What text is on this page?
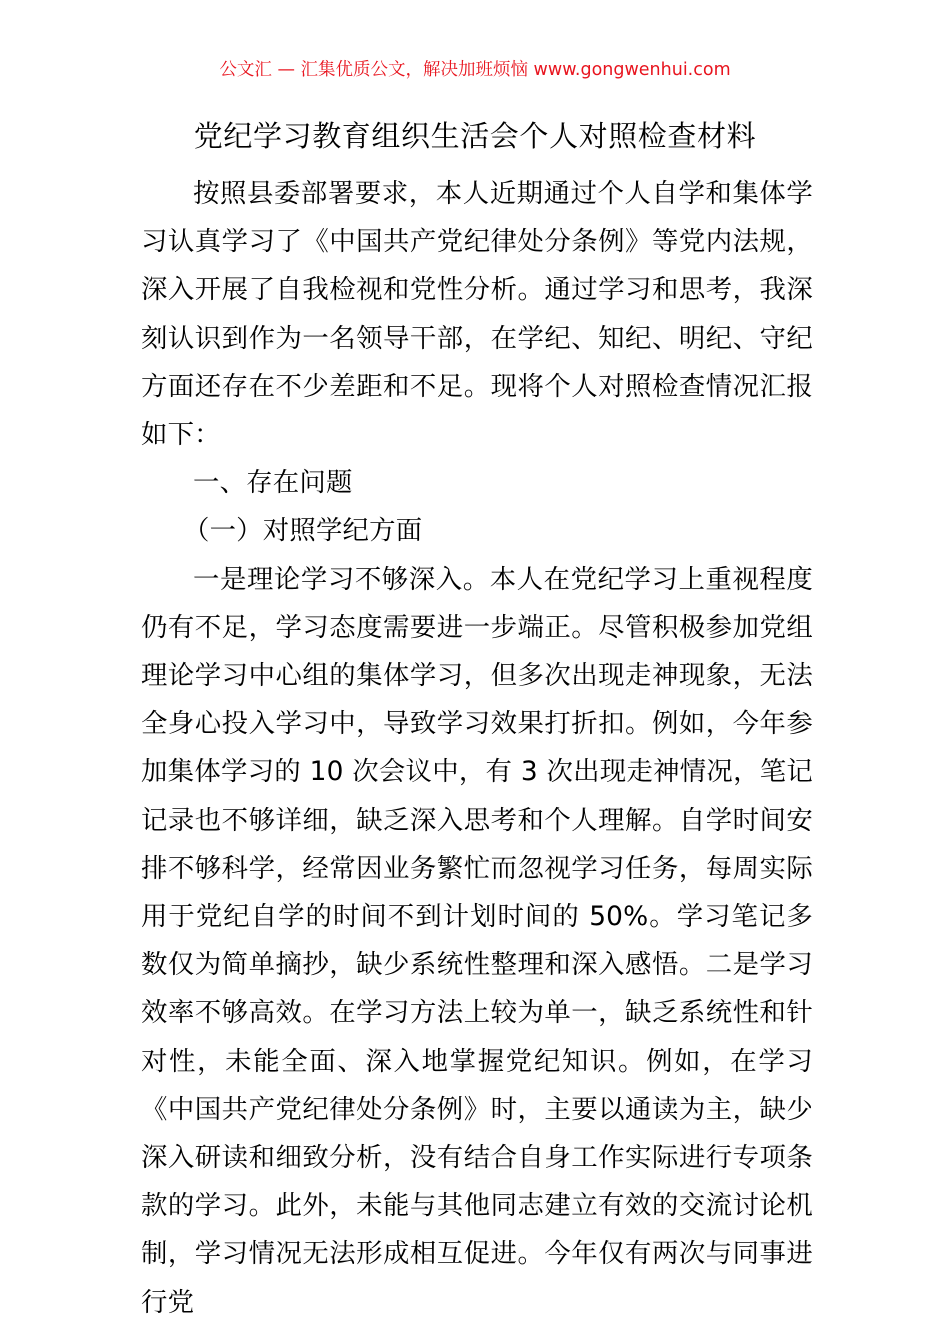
公文汇 — 汇集优质公文，解决加班烦恼 www.gongwenhui.com
党纪学习教育组织生活会个人对照检查材料

按照县委部署要求，本人近期通过个人自学和集体学习认真学习了《中国共产党纪律处分条例》等党内法规，深入开展了自我检视和党性分析。通过学习和思考，我深刻认识到作为一名领导干部，在学纪、知纪、明纪、守纪方面还存在不少差距和不足。现将个人对照检查情况汇报如下：

一、存在问题

（一）对照学纪方面

一是理论学习不够深入。本人在党纪学习上重视程度仍有不足，学习态度需要进一步端正。尽管积极参加党组理论学习中心组的集体学习，但多次出现走神现象，无法全身心投入学习中，导致学习效果打折扣。例如，今年参加集体学习的 10 次会议中，有 3 次出现走神情况，笔记记录也不够详细，缺乏深入思考和个人理解。自学时间安排不够科学，经常因业务繁忙而忽视学习任务，每周实际用于党纪自学的时间不到计划时间的 50%。学习笔记多数仅为简单摘抄，缺少系统性整理和深入感悟。二是学习效率不够高效。在学习方法上较为单一，缺乏系统性和针对性，未能全面、深入地掌握党纪知识。例如，在学习《中国共产党纪律处分条例》时，主要以通读为主，缺少深入研读和细致分析，没有结合自身工作实际进行专项条款的学习。此外，未能与其他同志建立有效的交流讨论机制，学习情况无法形成相互促进。今年仅有两次与同事进行党
